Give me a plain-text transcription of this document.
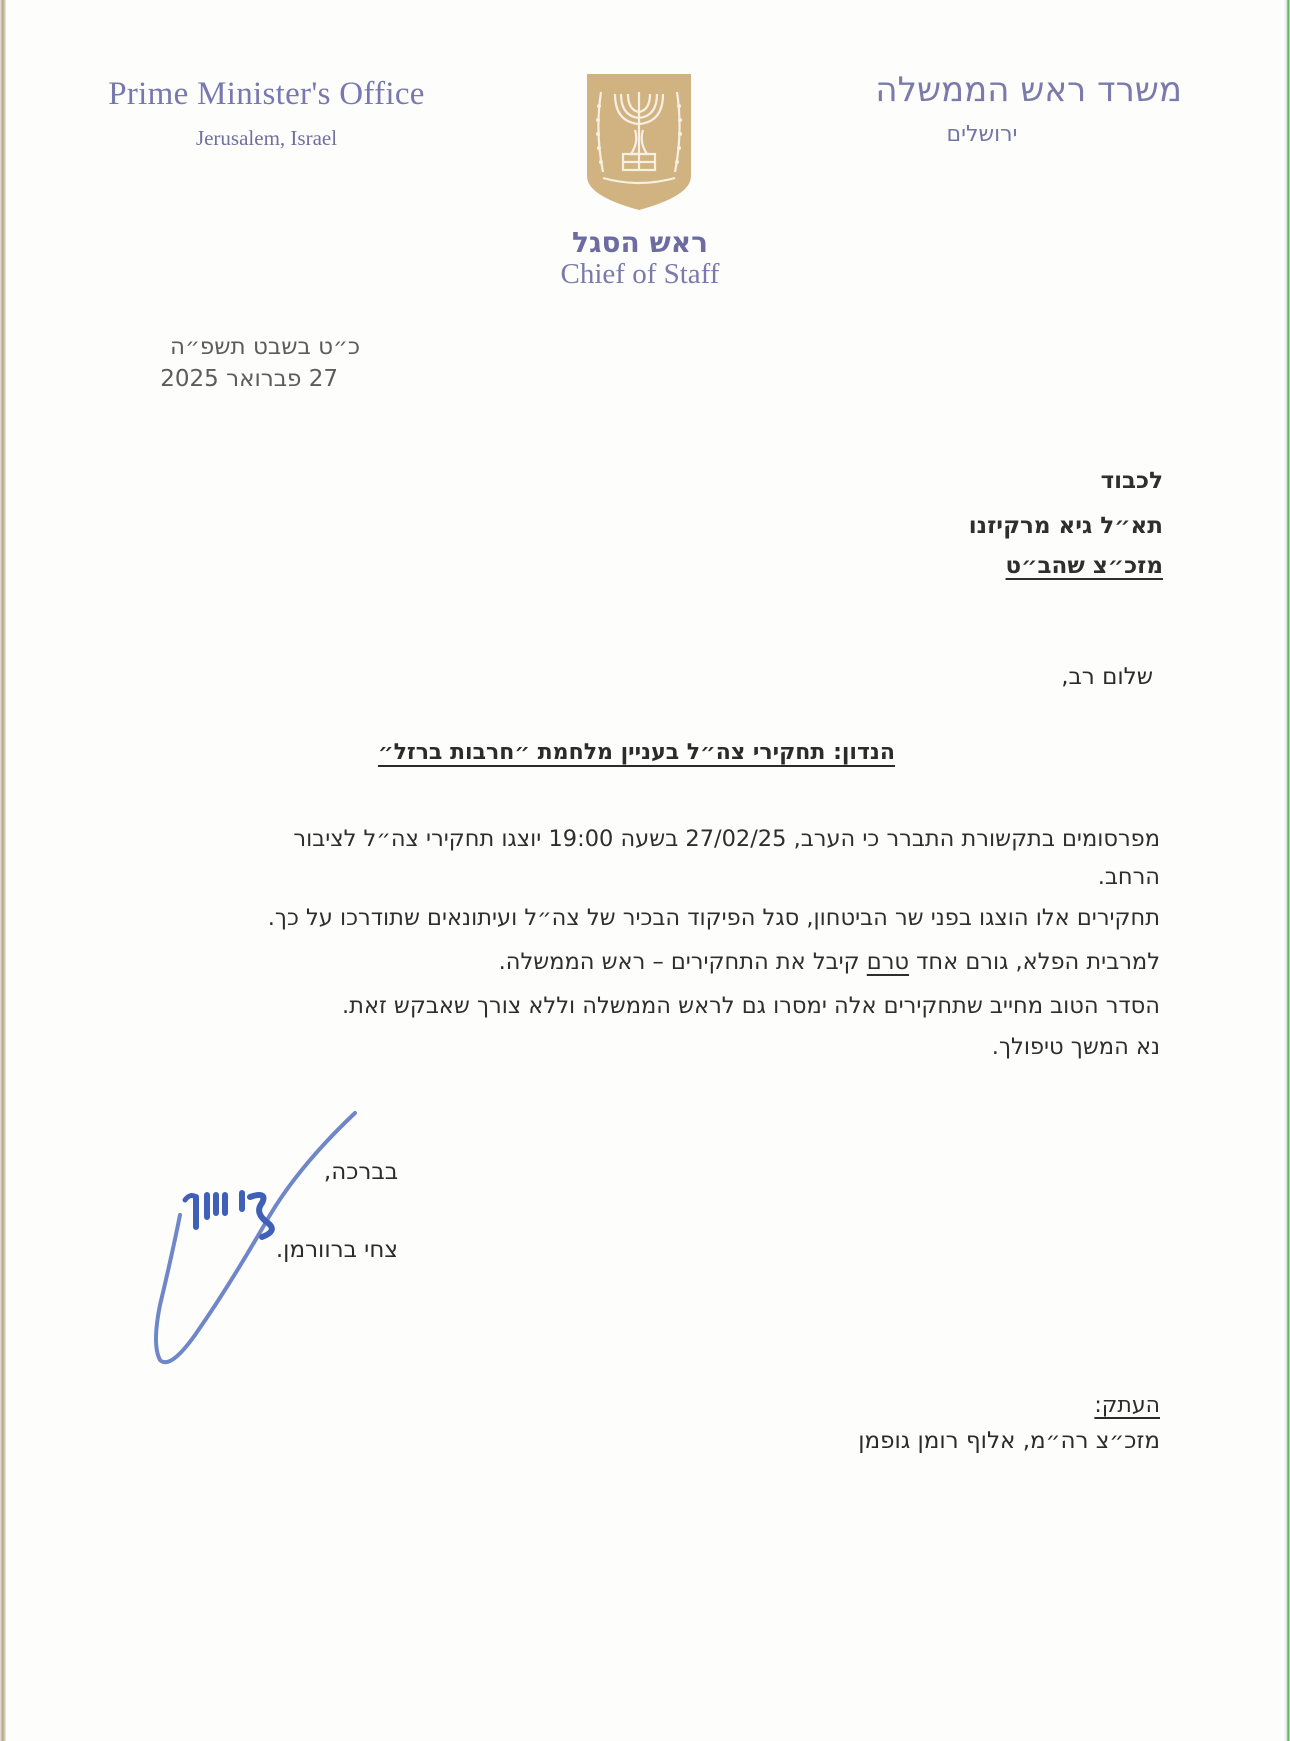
Prime Minister's Office
Jerusalem, Israel
משרד ראש הממשלה
ירושלים
ראש הסגל
Chief of Staff
כ״ט בשבט תשפ״ה
27 פברואר 2025
לכבוד
תא״ל גיא מרקיזנו
מזכ״צ שהב״ט
שלום רב,
הנדון: תחקירי צה״ל בעניין מלחמת ״חרבות ברזל״
מפרסומים בתקשורת התברר כי הערב, 27/02/25 בשעה 19:00 יוצגו תחקירי צה״ל לציבור
הרחב.
תחקירים אלו הוצגו בפני שר הביטחון, סגל הפיקוד הבכיר של צה״ל ועיתונאים שתודרכו על כך.
למרבית הפלא, גורם אחד טרם קיבל את התחקירים – ראש הממשלה.
הסדר הטוב מחייב שתחקירים אלה ימסרו גם לראש הממשלה וללא צורך שאבקש זאת.
נא המשך טיפולך.
בברכה,
צחי ברוורמן.
העתק:
מזכ״צ רה״מ, אלוף רומן גופמן
